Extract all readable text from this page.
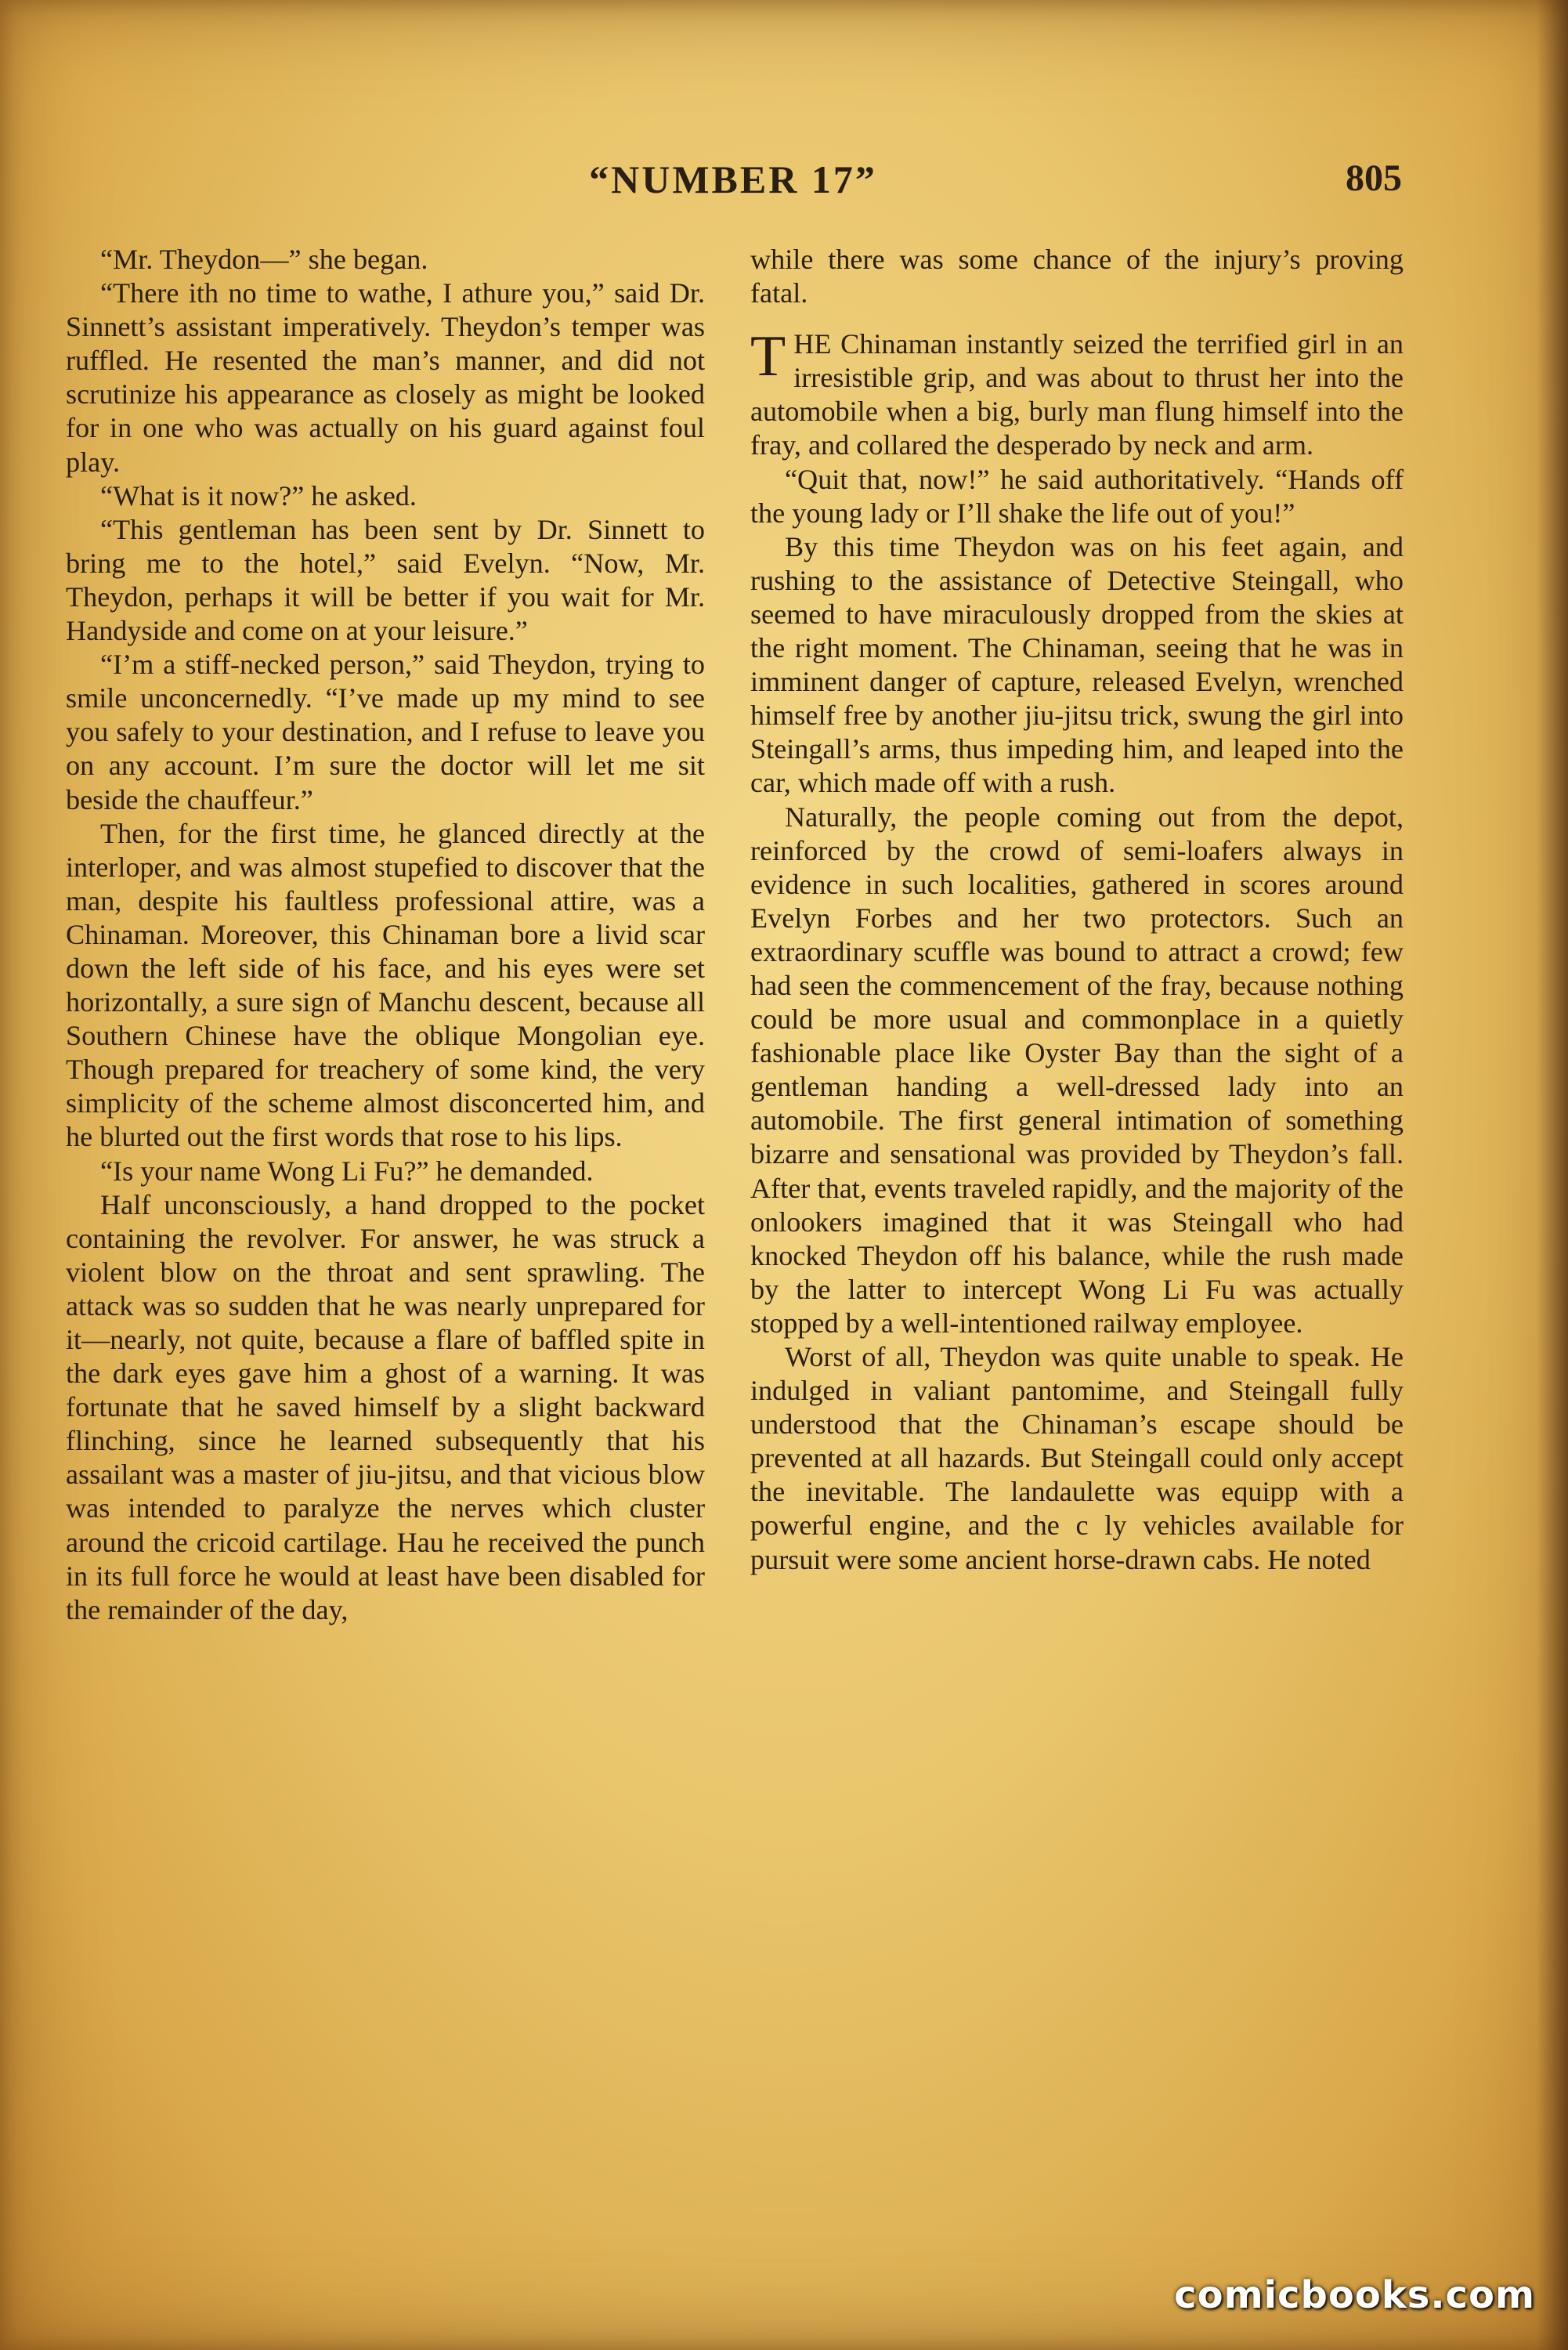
“NUMBER 17”	805

“Mr. Theydon—” she began.

“There ith no time to wathe, I athure you,” said Dr. Sinnett’s assistant imperatively. Theydon’s temper was ruffled. He resented the man’s manner, and did not scrutinize his appearance as closely as might be looked for in one who was actually on his guard against foul play.

“What is it now?” he asked.

“This gentleman has been sent by Dr. Sinnett to bring me to the hotel,” said Evelyn. “Now, Mr. Theydon, perhaps it will be better if you wait for Mr. Handyside and come on at your leisure.”

“I’m a stiff-necked person,” said Theydon, trying to smile unconcernedly. “I’ve made up my mind to see you safely to your destination, and I refuse to leave you on any account. I’m sure the doctor will let me sit beside the chauffeur.”

Then, for the first time, he glanced directly at the interloper, and was almost stupefied to discover that the man, despite his faultless professional attire, was a Chinaman. Moreover, this Chinaman bore a livid scar down the left side of his face, and his eyes were set horizontally, a sure sign of Manchu descent, because all Southern Chinese have the oblique Mongolian eye. Though prepared for treachery of some kind, the very simplicity of the scheme almost disconcerted him, and he blurted out the first words that rose to his lips.

“Is your name Wong Li Fu?” he demanded.

Half unconsciously, a hand dropped to the pocket containing the revolver. For answer, he was struck a violent blow on the throat and sent sprawling. The attack was so sudden that he was nearly unprepared for it—nearly, not quite, because a flare of baffled spite in the dark eyes gave him a ghost of a warning. It was fortunate that he saved himself by a slight backward flinching, since he learned subsequently that his assailant was a master of jiu-jitsu, and that vicious blow was intended to paralyze the nerves which cluster around the cricoid cartilage. Hau he received the punch in its full force he would at least have been disabled for the remainder of the day,

while there was some chance of the injury’s proving fatal.

THE Chinaman instantly seized the terrified girl in an irresistible grip, and was about to thrust her into the automobile when a big, burly man flung himself into the fray, and collared the desperado by neck and arm.

“Quit that, now!” he said authoritatively. “Hands off the young lady or I’ll shake the life out of you!”

By this time Theydon was on his feet again, and rushing to the assistance of Detective Steingall, who seemed to have miraculously dropped from the skies at the right moment. The Chinaman, seeing that he was in imminent danger of capture, released Evelyn, wrenched himself free by another jiu-jitsu trick, swung the girl into Steingall’s arms, thus impeding him, and leaped into the car, which made off with a rush.

Naturally, the people coming out from the depot, reinforced by the crowd of semi-loafers always in evidence in such localities, gathered in scores around Evelyn Forbes and her two protectors. Such an extraordinary scuffle was bound to attract a crowd; few had seen the commencement of the fray, because nothing could be more usual and commonplace in a quietly fashionable place like Oyster Bay than the sight of a gentleman handing a well-dressed lady into an automobile. The first general intimation of something bizarre and sensational was provided by Theydon’s fall. After that, events traveled rapidly, and the majority of the onlookers imagined that it was Steingall who had knocked Theydon off his balance, while the rush made by the latter to intercept Wong Li Fu was actually stopped by a well-intentioned railway employee.

Worst of all, Theydon was quite unable to speak. He indulged in valiant pantomime, and Steingall fully understood that the Chinaman’s escape should be prevented at all hazards. But Steingall could only accept the inevitable. The landaulette was equipp with a powerful engine, and the c ly vehicles available for pursuit were some ancient horse-drawn cabs. He noted

comicbooks.com
